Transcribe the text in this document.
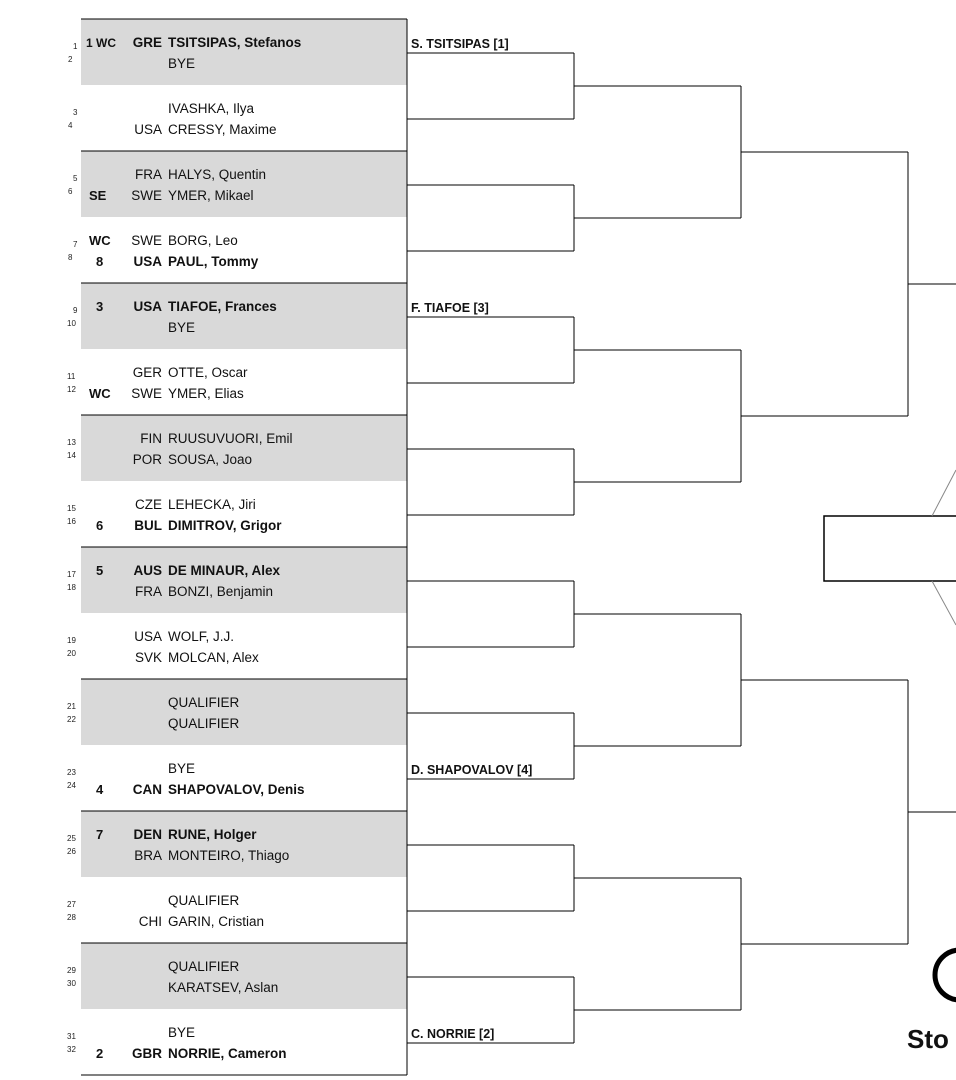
1 1 WC	GRE TSITSIPAS, Stefanos
2	BYE
3	IVASHKA, Ilya
4	USA CRESSY, Maxime
5	FRA HALYS, Quentin
6 SE	SWE YMER, Mikael
7 WC	SWE BORG, Leo
8 8	USA PAUL, Tommy
9 3	USA TIAFOE, Frances
10	BYE
11	GER OTTE, Oscar
12 WC	SWE YMER, Elias
13	FIN RUUSUVUORI, Emil
14	POR SOUSA, Joao
15	CZE LEHECKA, Jiri
16 6	BUL DIMITROV, Grigor
17 5	AUS DE MINAUR, Alex
18	FRA BONZI, Benjamin
19	USA WOLF, J.J.
20	SVK MOLCAN, Alex
21	QUALIFIER
22	QUALIFIER
23	BYE
24 4	CAN SHAPOVALOV, Denis
25 7	DEN RUNE, Holger
26	BRA MONTEIRO, Thiago
27	QUALIFIER
28	CHI GARIN, Cristian
29	QUALIFIER
30	KARATSEV, Aslan
31	BYE
32 2	GBR NORRIE, Cameron
S. TSITSIPAS [1]
F. TIAFOE [3]
D. SHAPOVALOV [4]
C. NORRIE [2]	Sto
